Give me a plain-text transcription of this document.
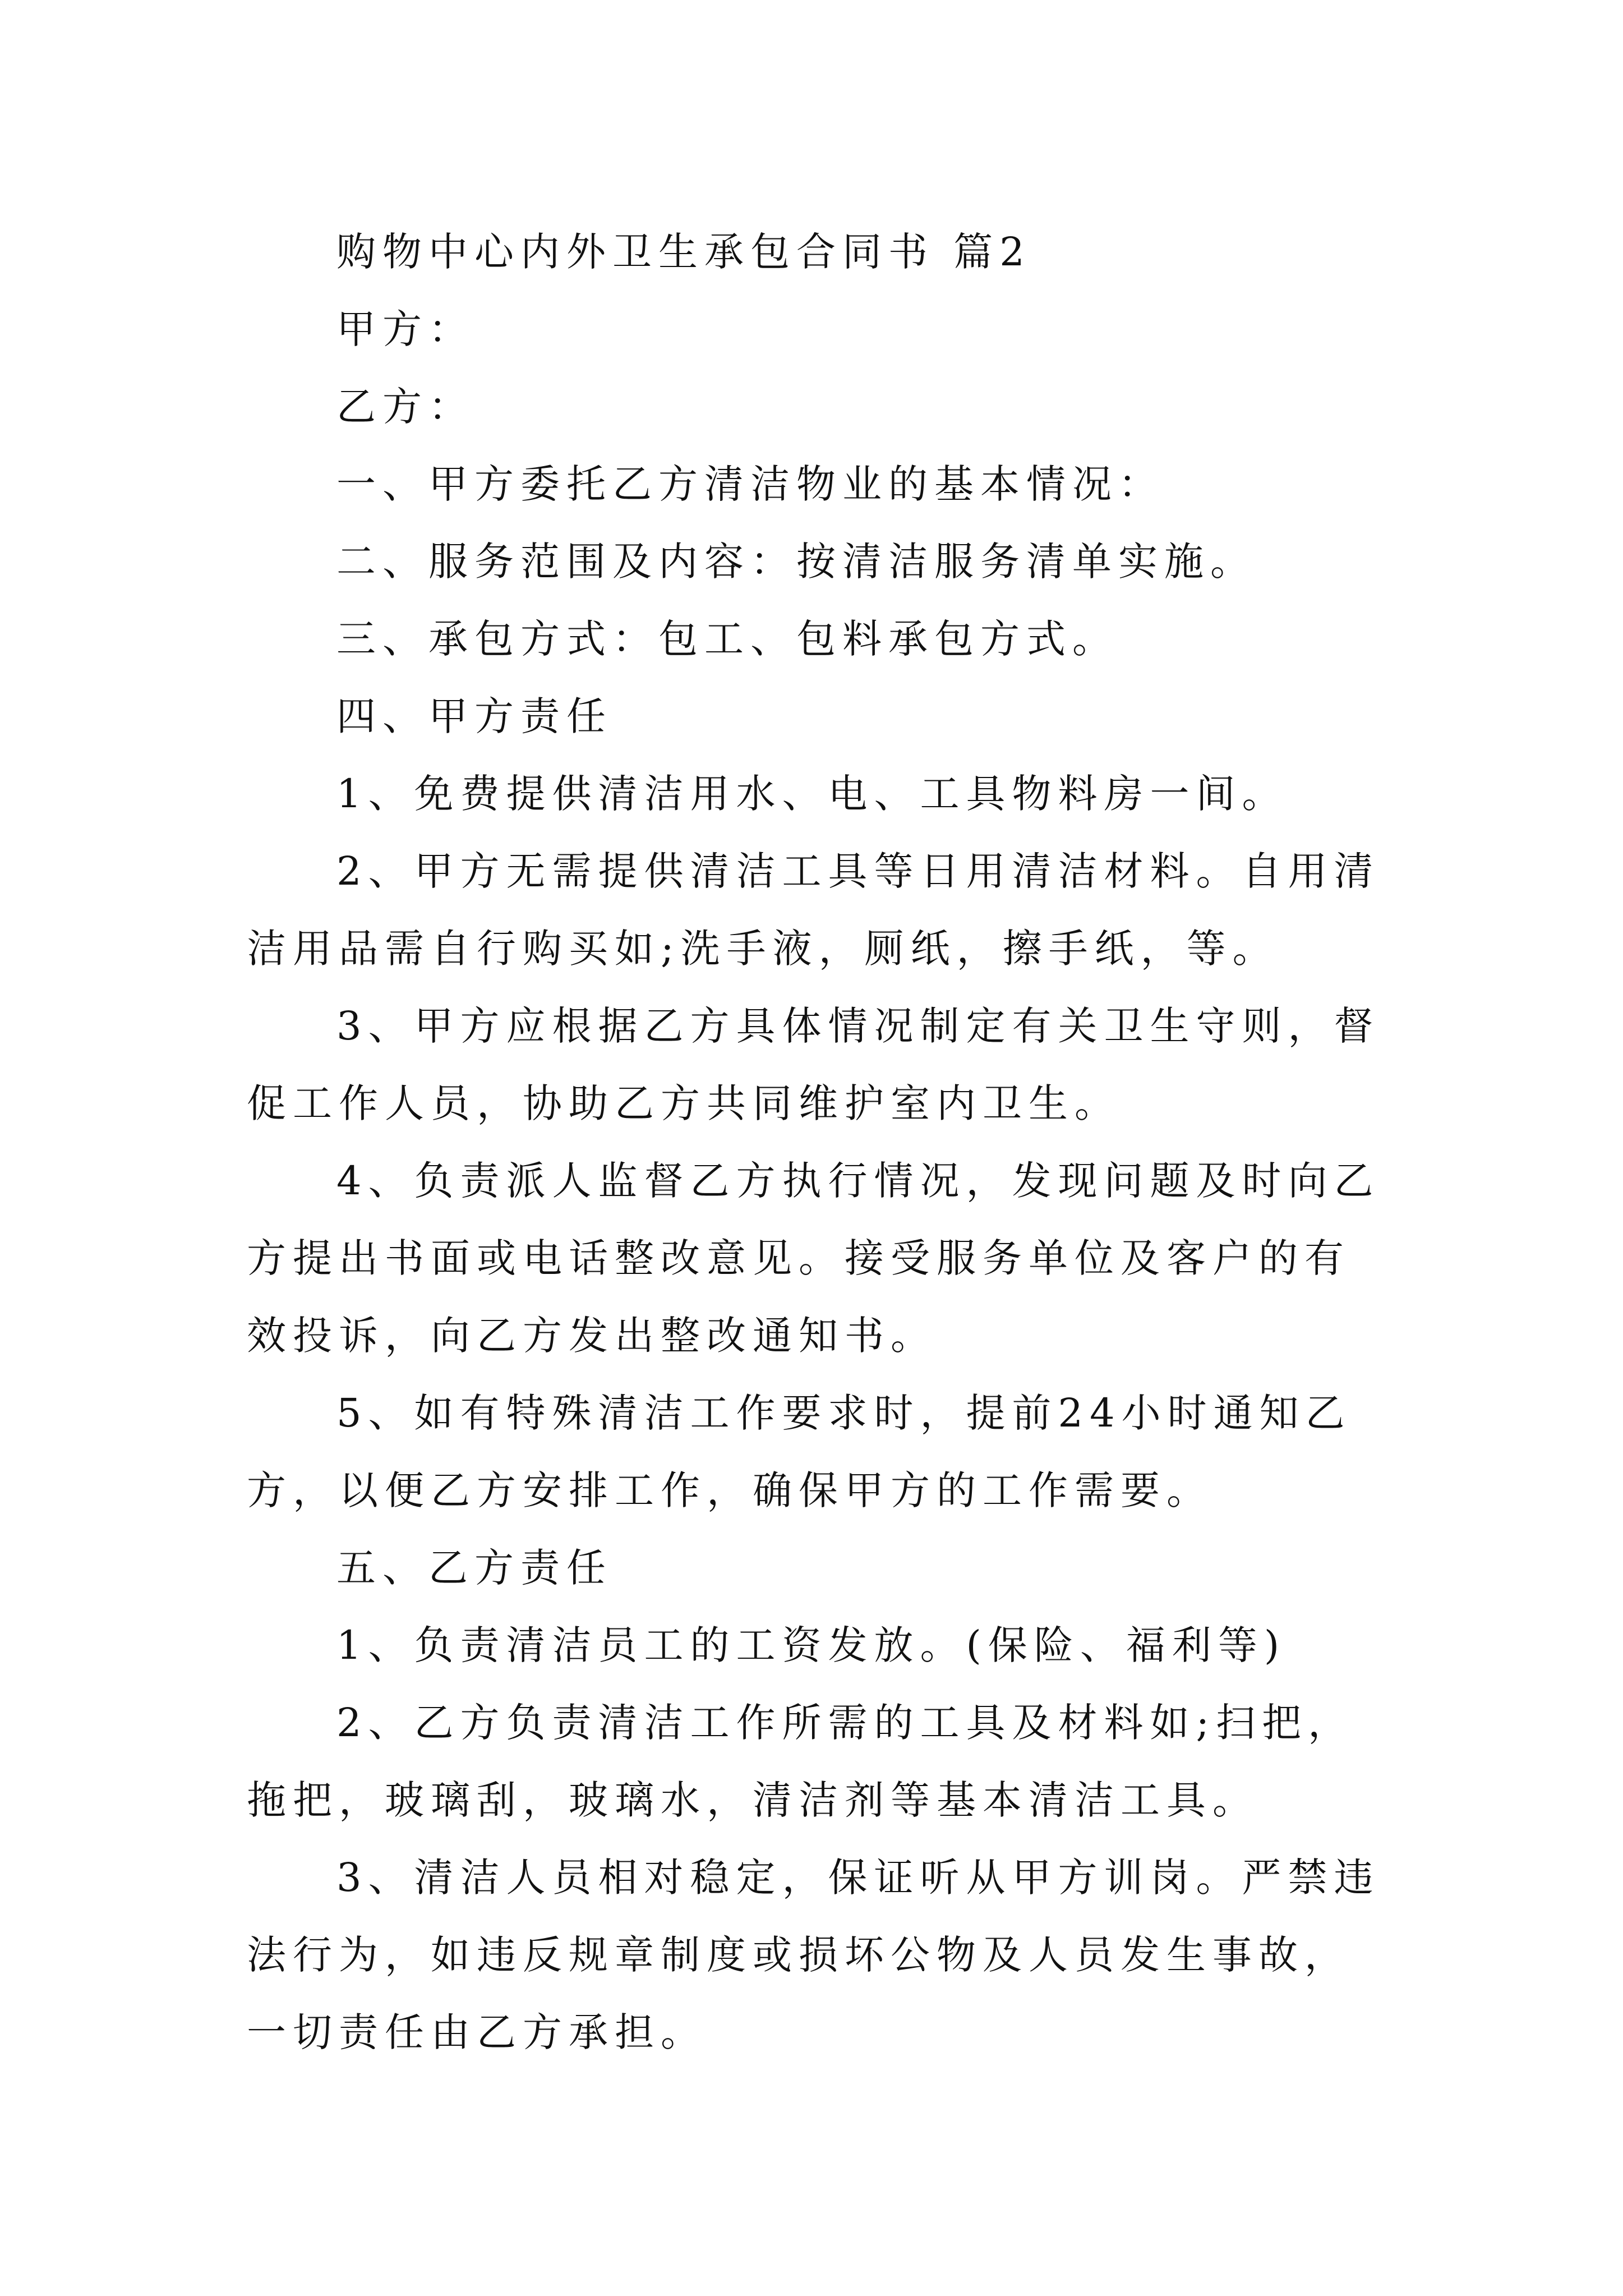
购物中心内外卫生承包合同书 篇2

甲方：

乙方：

一、甲方委托乙方清洁物业的基本情况：

二、服务范围及内容：按清洁服务清单实施。

三、承包方式：包工、包料承包方式。

四、甲方责任

1、免费提供清洁用水、电、工具物料房一间。

2、甲方无需提供清洁工具等日用清洁材料。自用清洁用品需自行购买如;洗手液，厕纸，擦手纸，等。

3、甲方应根据乙方具体情况制定有关卫生守则，督促工作人员，协助乙方共同维护室内卫生。

4、负责派人监督乙方执行情况，发现问题及时向乙方提出书面或电话整改意见。接受服务单位及客户的有效投诉，向乙方发出整改通知书。

5、如有特殊清洁工作要求时，提前24小时通知乙方，以便乙方安排工作，确保甲方的工作需要。

五、乙方责任

1、负责清洁员工的工资发放。(保险、福利等)

2、乙方负责清洁工作所需的工具及材料如;扫把，拖把，玻璃刮，玻璃水，清洁剂等基本清洁工具。

3、清洁人员相对稳定，保证听从甲方训岗。严禁违法行为，如违反规章制度或损坏公物及人员发生事故，一切责任由乙方承担。
